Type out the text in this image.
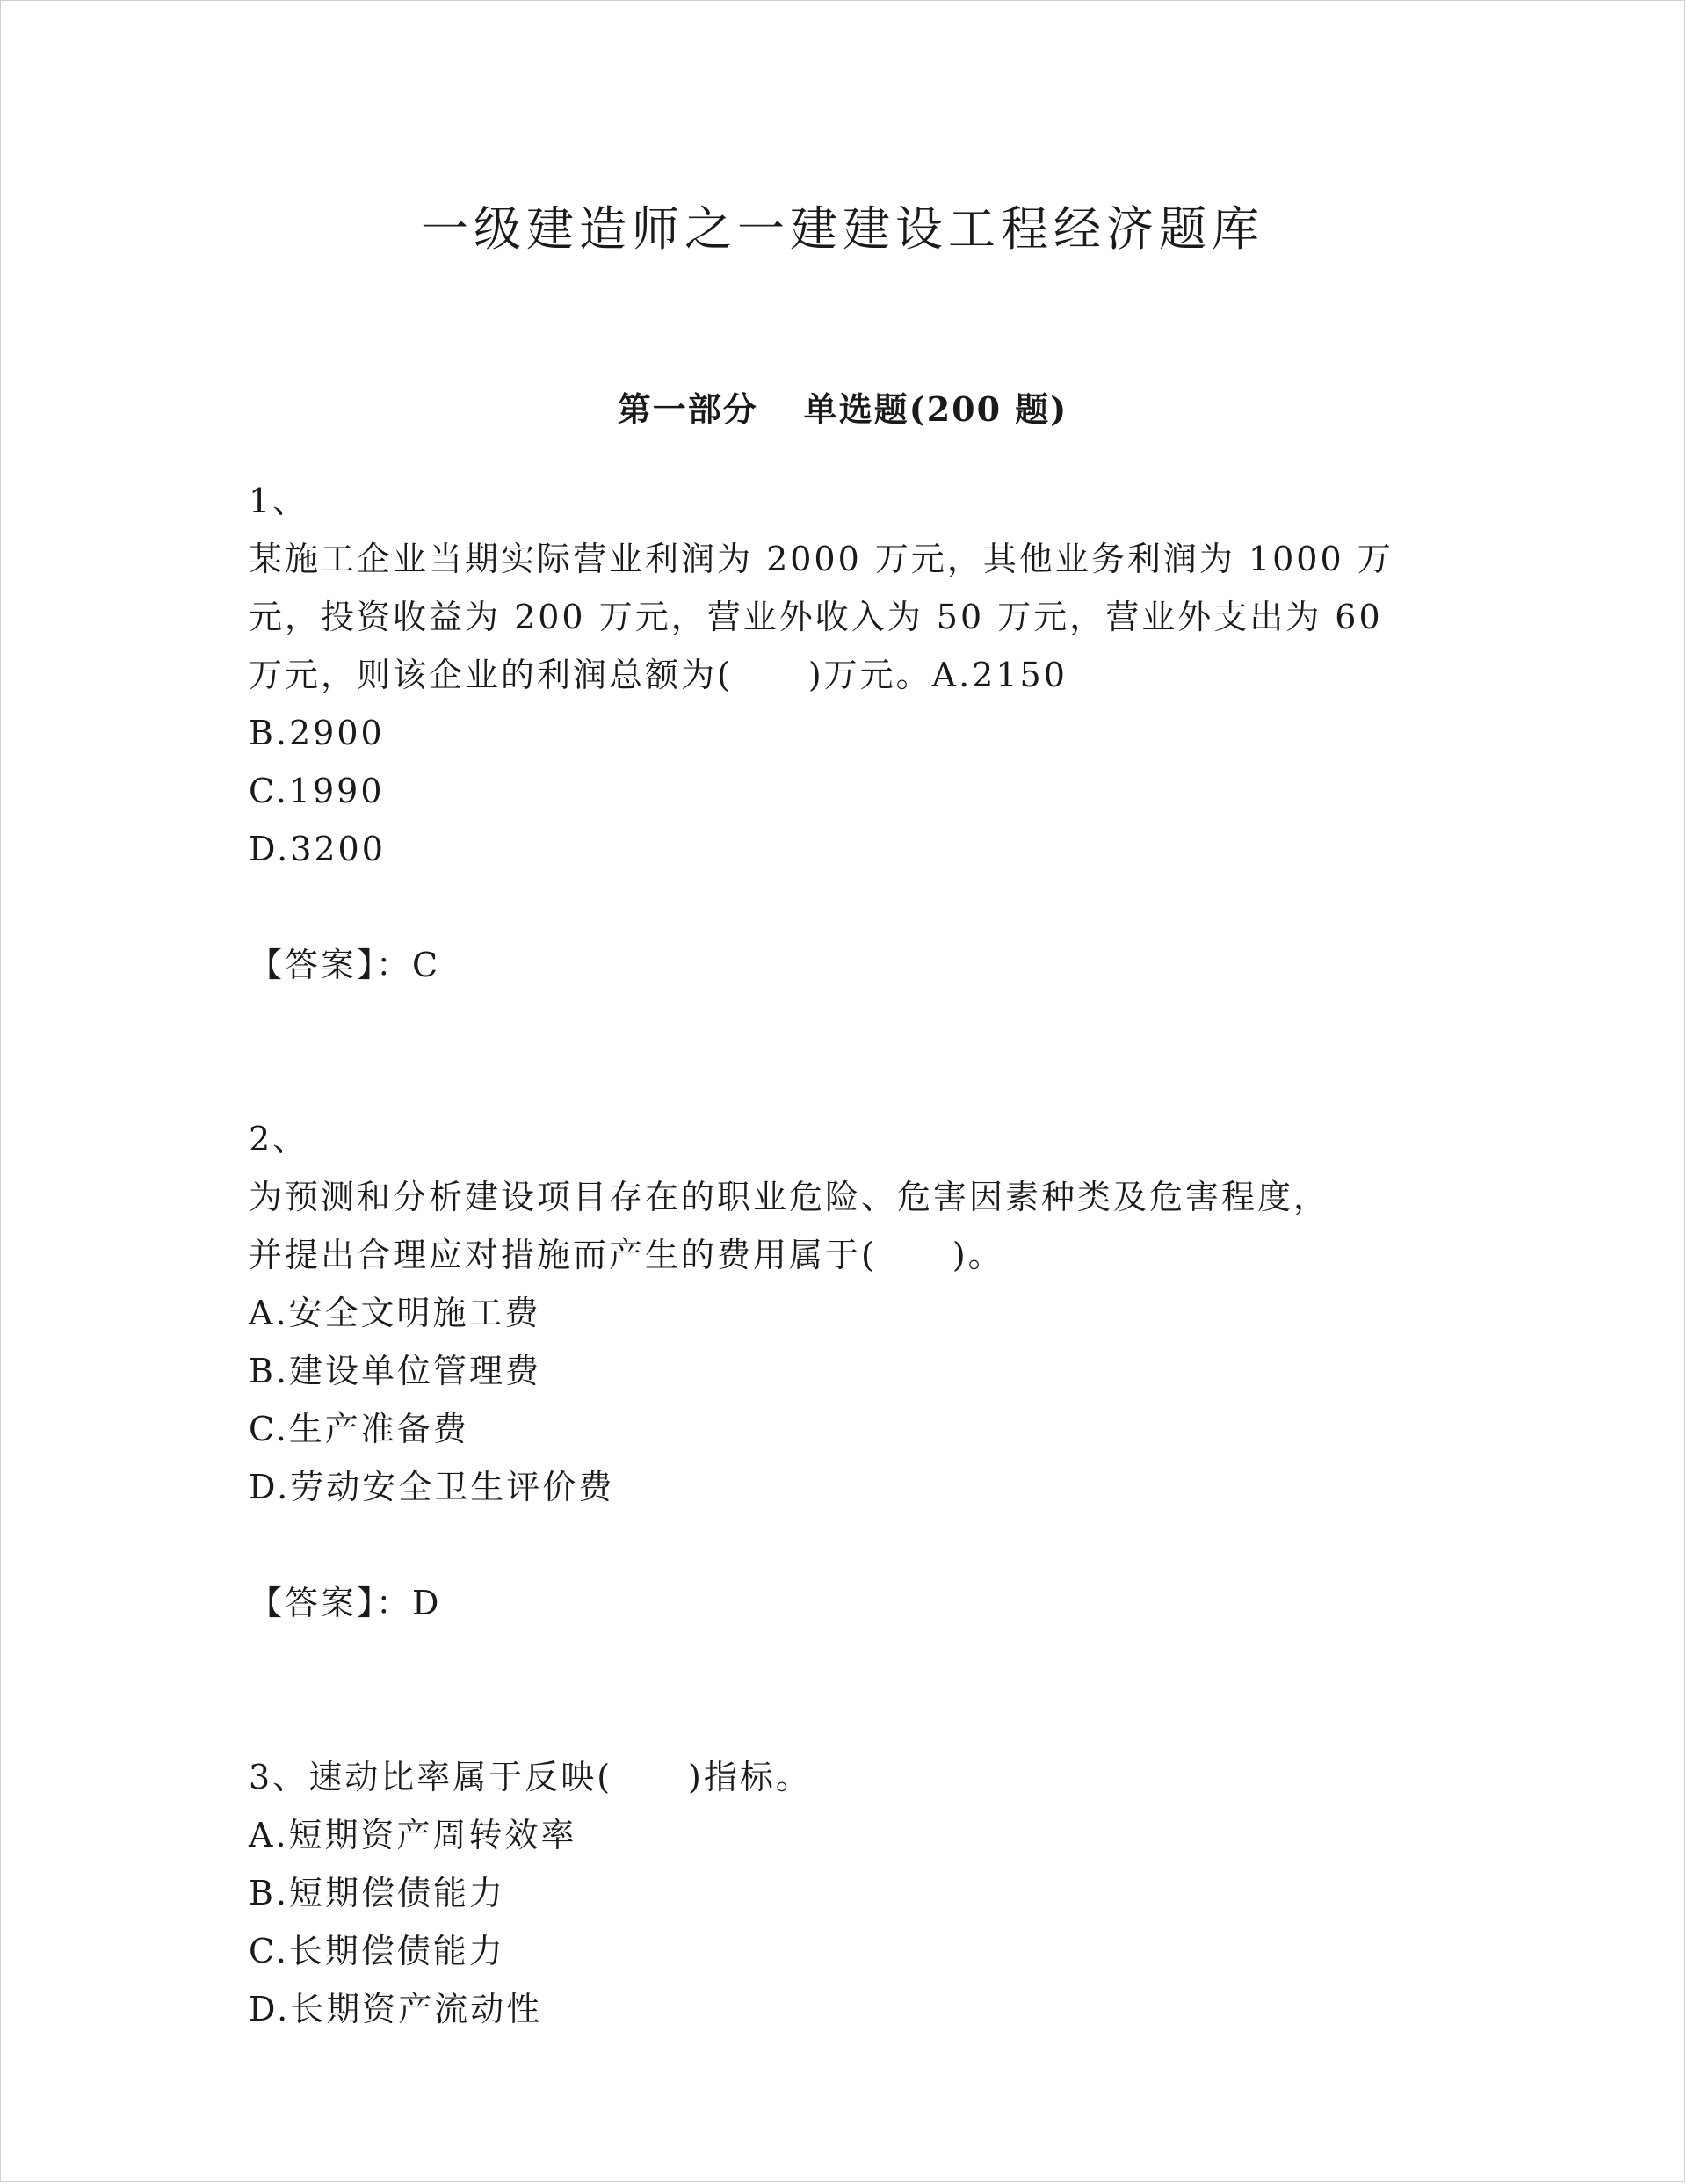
一级建造师之一建建设工程经济题库
第一部分 单选题(200 题)
1、
某施工企业当期实际营业利润为 2000 万元，其他业务利润为 1000 万
元，投资收益为 200 万元，营业外收入为 50 万元，营业外支出为 60
万元，则该企业的利润总额为( )万元。A.2150
B.2900
C.1990
D.3200
【答案】：C
2、
为预测和分析建设项目存在的职业危险、危害因素种类及危害程度，
并提出合理应对措施而产生的费用属于( )。
A.安全文明施工费
B.建设单位管理费
C.生产准备费
D.劳动安全卫生评价费
【答案】：D
3、速动比率属于反映( )指标。
A.短期资产周转效率
B.短期偿债能力
C.长期偿债能力
D.长期资产流动性
